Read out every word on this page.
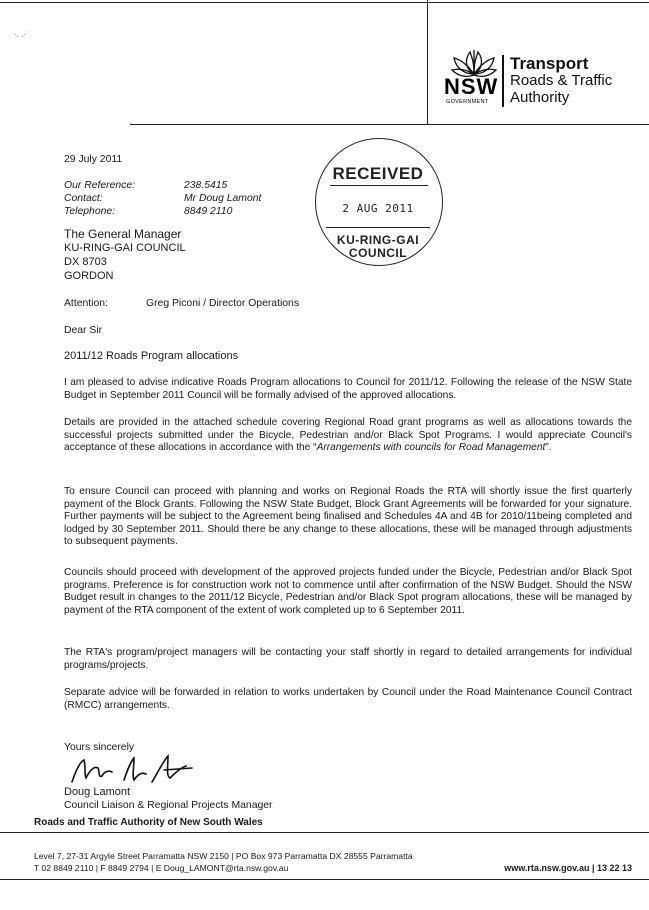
·. .·˙
NSW
GOVERNMENT
Transport
Roads & Traffic
Authority
29 July 2011
Our Reference:	238.5415
Contact:	Mr Doug Lamont
Telephone:	8849 2110
RECEIVED
2 AUG 2011
KU-RING-GAI
COUNCIL
The General Manager
KU-RING-GAI COUNCIL
DX 8703
GORDON
Attention:	Greg Piconi / Director Operations
Dear Sir
2011/12 Roads Program allocations
I am pleased to advise indicative Roads Program allocations to Council for 2011/12. Following the release of the NSW State Budget in September 2011 Council will be formally advised of the approved allocations.
Details are provided in the attached schedule covering Regional Road grant programs as well as allocations towards the successful projects submitted under the Bicycle, Pedestrian and/or Black Spot Programs. I would appreciate Council's acceptance of these allocations in accordance with the “Arrangements with councils for Road Management”.
To ensure Council can proceed with planning and works on Regional Roads the RTA will shortly issue the first quarterly payment of the Block Grants. Following the NSW State Budget, Block Grant Agreements will be forwarded for your signature. Further payments will be subject to the Agreement being finalised and Schedules 4A and 4B for 2010/11being completed and lodged by 30 September 2011. Should there be any change to these allocations, these will be managed through adjustments to subsequent payments.
Councils should proceed with development of the approved projects funded under the Bicycle, Pedestrian and/or Black Spot programs. Preference is for construction work not to commence until after confirmation of the NSW Budget. Should the NSW Budget result in changes to the 2011/12 Bicycle, Pedestrian and/or Black Spot program allocations, these will be managed by payment of the RTA component of the extent of work completed up to 6 September 2011.
The RTA's program/project managers will be contacting your staff shortly in regard to detailed arrangements for individual programs/projects.
Separate advice will be forwarded in relation to works undertaken by Council under the Road Maintenance Council Contract (RMCC) arrangements.
Yours sincerely
Doug Lamont
Council Liaison & Regional Projects Manager
Roads and Traffic Authority of New South Wales
Level 7, 27-31 Argyle Street Parramatta NSW 2150 | PO Box 973 Parramatta DX 28555 Parramatta
T 02 8849 2110 | F 8849 2794 | E Doug_LAMONT@rta.nsw.gov.au	www.rta.nsw.gov.au | 13 22 13
